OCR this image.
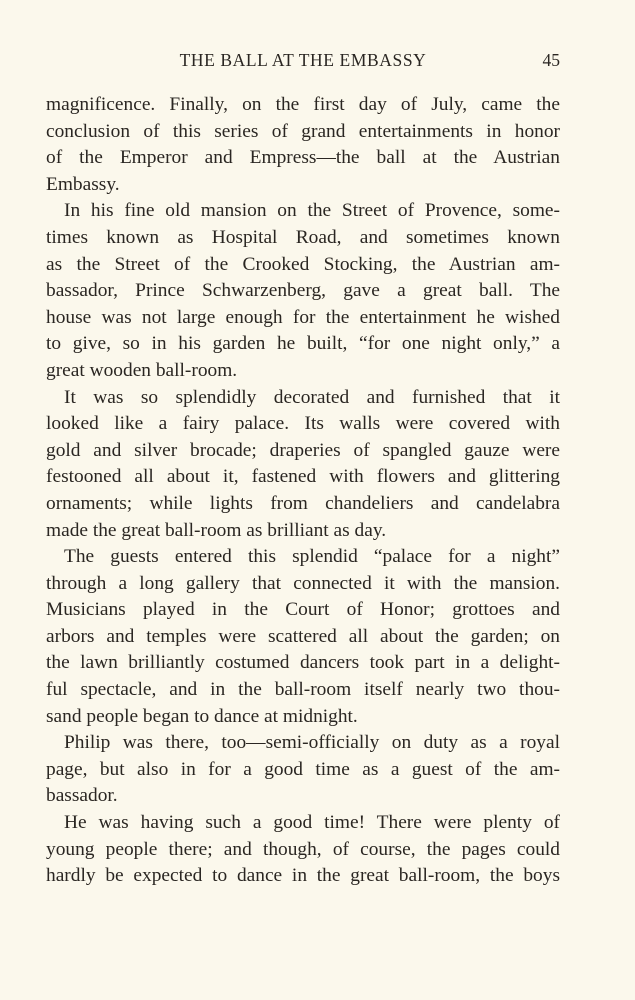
THE BALL AT THE EMBASSY	45
magnificence. Finally, on the first day of July, came the
conclusion of this series of grand entertainments in honor
of the Emperor and Empress—the ball at the Austrian
Embassy.
In his fine old mansion on the Street of Provence, some-
times known as Hospital Road, and sometimes known
as the Street of the Crooked Stocking, the Austrian am-
bassador, Prince Schwarzenberg, gave a great ball. The
house was not large enough for the entertainment he wished
to give, so in his garden he built, “for one night only,” a
great wooden ball-room.
It was so splendidly decorated and furnished that it
looked like a fairy palace. Its walls were covered with
gold and silver brocade; draperies of spangled gauze were
festooned all about it, fastened with flowers and glittering
ornaments; while lights from chandeliers and candelabra
made the great ball-room as brilliant as day.
The guests entered this splendid “palace for a night”
through a long gallery that connected it with the mansion.
Musicians played in the Court of Honor; grottoes and
arbors and temples were scattered all about the garden; on
the lawn brilliantly costumed dancers took part in a delight-
ful spectacle, and in the ball-room itself nearly two thou-
sand people began to dance at midnight.
Philip was there, too—semi-officially on duty as a royal
page, but also in for a good time as a guest of the am-
bassador.
He was having such a good time! There were plenty of
young people there; and though, of course, the pages could
hardly be expected to dance in the great ball-room, the boys
